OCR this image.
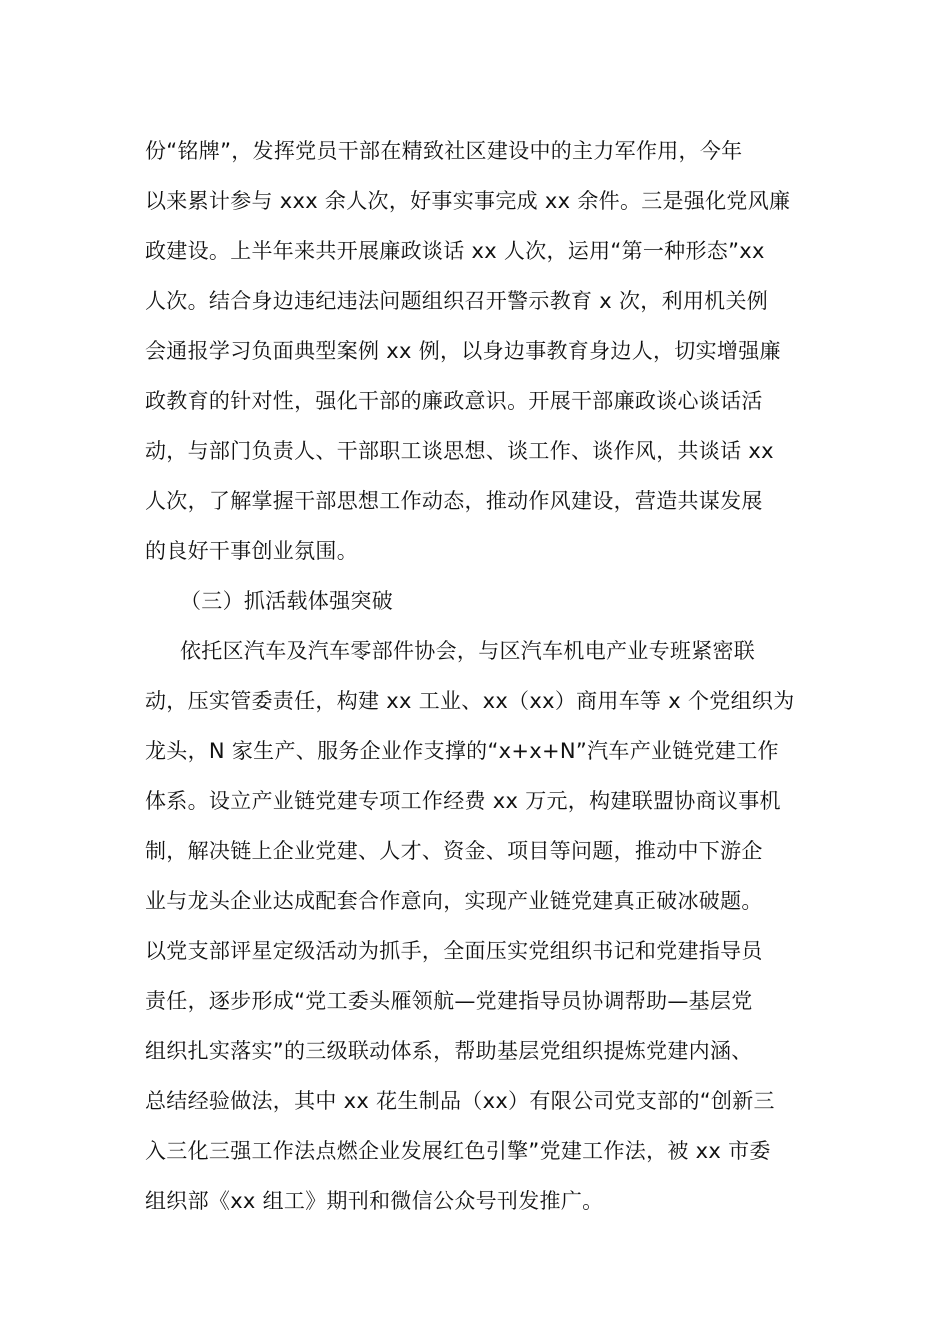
份“铭牌”，发挥党员干部在精致社区建设中的主力军作用，今年
以来累计参与 xxx 余人次，好事实事完成 xx 余件。三是强化党风廉
政建设。上半年来共开展廉政谈话 xx 人次，运用“第一种形态”xx
人次。结合身边违纪违法问题组织召开警示教育 x 次，利用机关例
会通报学习负面典型案例 xx 例，以身边事教育身边人，切实增强廉
政教育的针对性，强化干部的廉政意识。开展干部廉政谈心谈话活
动，与部门负责人、干部职工谈思想、谈工作、谈作风，共谈话 xx
人次，了解掌握干部思想工作动态，推动作风建设，营造共谋发展
的良好干事创业氛围。
（三）抓活载体强突破
依托区汽车及汽车零部件协会，与区汽车机电产业专班紧密联
动，压实管委责任，构建 xx 工业、xx（xx）商用车等 x 个党组织为
龙头，N 家生产、服务企业作支撑的“x+x+N”汽车产业链党建工作
体系。设立产业链党建专项工作经费 xx 万元，构建联盟协商议事机
制，解决链上企业党建、人才、资金、项目等问题，推动中下游企
业与龙头企业达成配套合作意向，实现产业链党建真正破冰破题。
以党支部评星定级活动为抓手，全面压实党组织书记和党建指导员
责任，逐步形成“党工委头雁领航—党建指导员协调帮助—基层党
组织扎实落实”的三级联动体系，帮助基层党组织提炼党建内涵、
总结经验做法，其中 xx 花生制品（xx）有限公司党支部的“创新三
入三化三强工作法点燃企业发展红色引擎”党建工作法，被 xx 市委
组织部《xx 组工》期刊和微信公众号刊发推广。
